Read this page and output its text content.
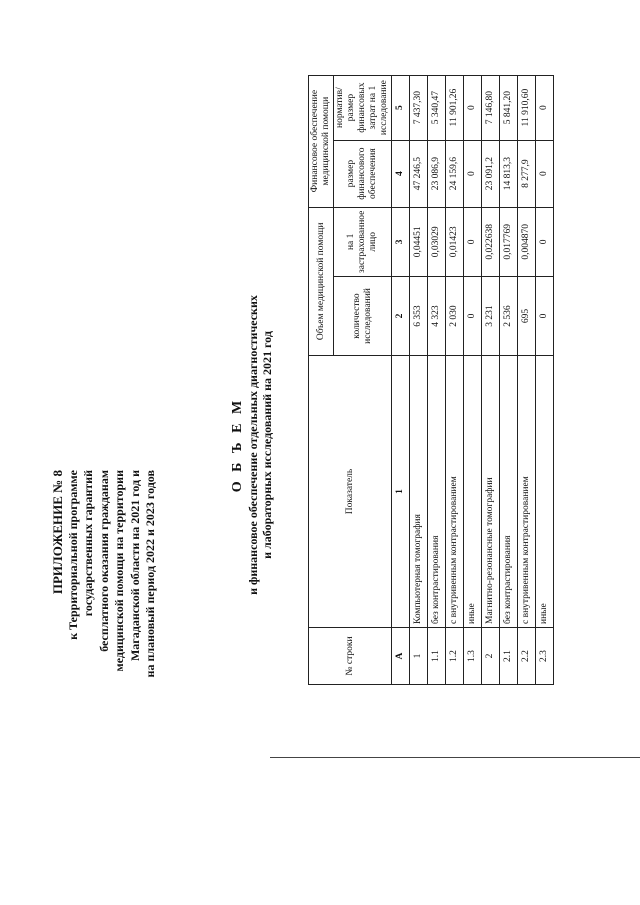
ПРИЛОЖЕНИЕ № 8 к Территориальной программе государственных гарантий бесплатного оказания гражданам медицинской помощи на территории Магаданской области на 2021 год и на плановый период 2022 и 2023 годов
О Б Ъ Е М и финансовое обеспечение отдельных диагностических и лабораторных исследований на 2021 год
№ строки	Показатель	Объем медицинской помощи		Финансовое обеспечение медицинской помощи	
		количество исследований	на 1 застрахованное лицо	размер финансового обеспечения	норматив/размер финансовых затрат на 1 исследование
А	1	2	3	4	5
1	Компьютерная томография	6 353	0,04451	47 246,5	7 437,30
1.1	без контрастирования	4 323	0,03029	23 086,9	5 340,47
1.2	с внутривенным контрастированием	2 030	0,01423	24 159,6	11 901,26
1.3	иные	0	0	0	0
2	Магнитно-резонансные томографии	3 231	0,022638	23 091,2	7 146,80
2.1	без контрастирования	2 536	0,017769	14 813,3	5 841,20
2.2	с внутривенным контрастированием	695	0,004870	8 277,9	11 910,60
2.3	иные	0	0	0	0
